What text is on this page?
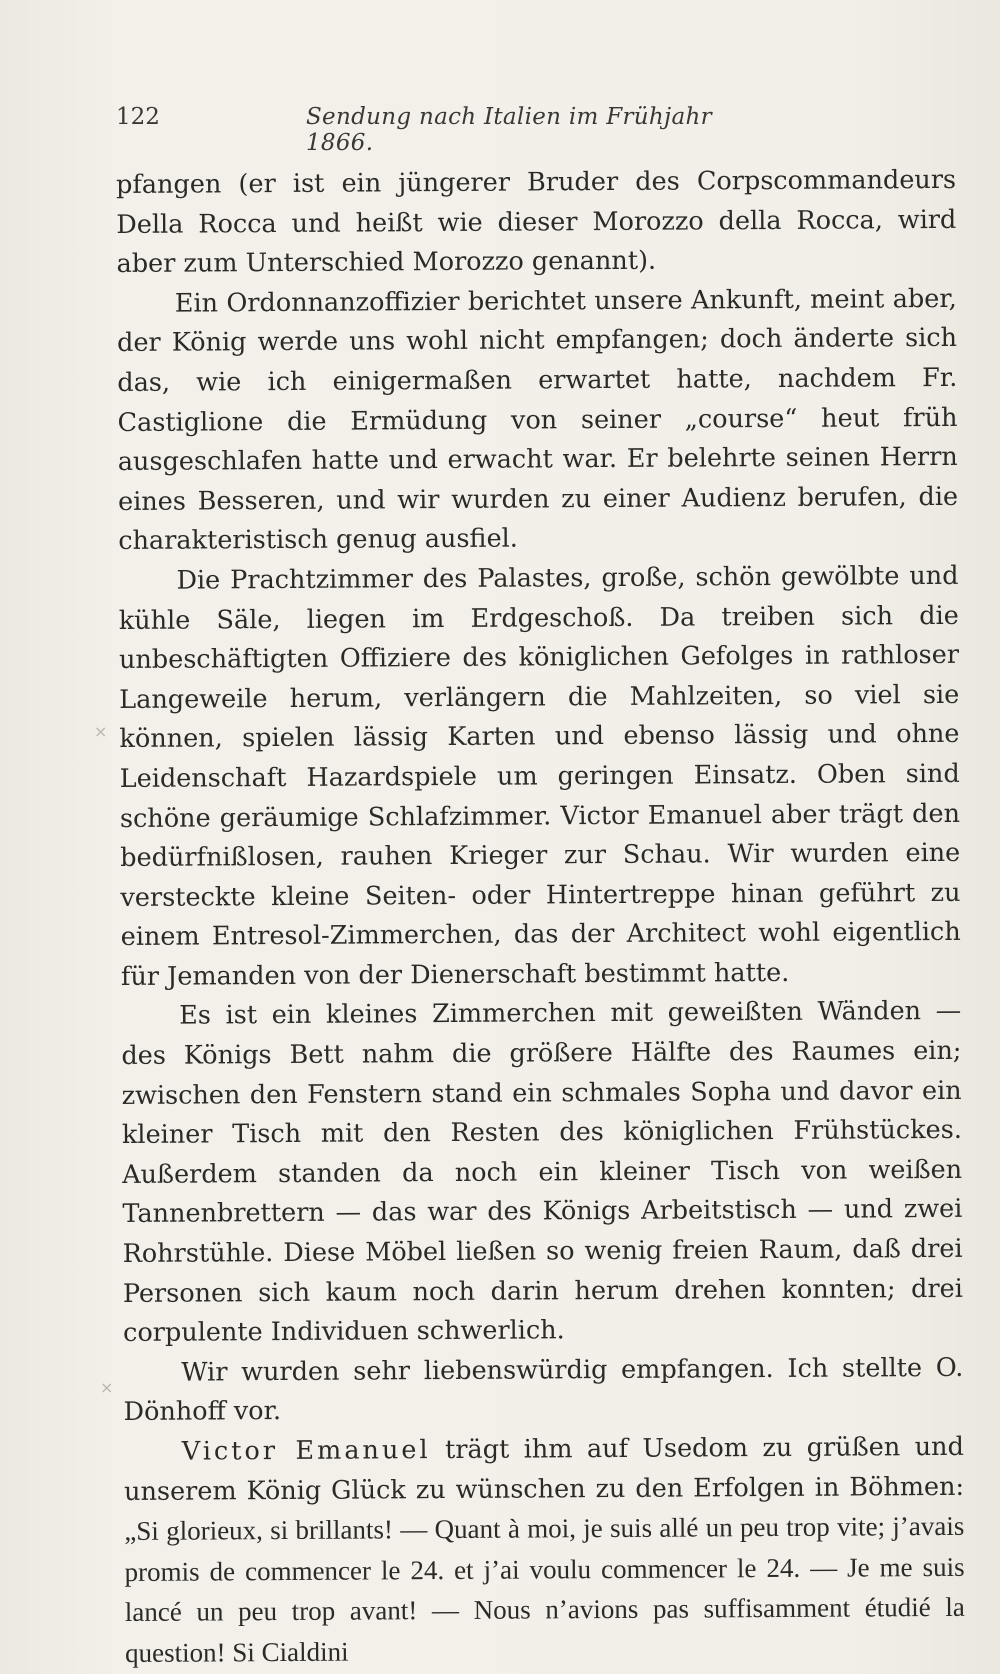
122	Sendung nach Italien im Frühjahr 1866.
×
×

pfangen (er ist ein jüngerer Bruder des Corpscommandeurs Della Rocca und heißt wie dieser Morozzo della Rocca, wird aber zum Unterschied Morozzo genannt).

Ein Ordonnanzoffizier berichtet unsere Ankunft, meint aber, der König werde uns wohl nicht empfangen; doch änderte sich das, wie ich einigermaßen erwartet hatte, nachdem Fr. Castiglione die Ermüdung von seiner „course“ heut früh ausgeschlafen hatte und erwacht war. Er belehrte seinen Herrn eines Besseren, und wir wurden zu einer Audienz berufen, die charakteristisch genug ausfiel.

Die Prachtzimmer des Palastes, große, schön gewölbte und kühle Säle, liegen im Erdgeschoß. Da treiben sich die unbeschäftigten Offiziere des königlichen Gefolges in rathloser Langeweile herum, verlängern die Mahlzeiten, so viel sie können, spielen lässig Karten und ebenso lässig und ohne Leidenschaft Hazardspiele um geringen Einsatz. Oben sind schöne geräumige Schlafzimmer. Victor Emanuel aber trägt den bedürfnißlosen, rauhen Krieger zur Schau. Wir wurden eine versteckte kleine Seiten- oder Hintertreppe hinan geführt zu einem Entresol-Zimmerchen, das der Architect wohl eigentlich für Jemanden von der Dienerschaft bestimmt hatte.

Es ist ein kleines Zimmerchen mit geweißten Wänden — des Königs Bett nahm die größere Hälfte des Raumes ein; zwischen den Fenstern stand ein schmales Sopha und davor ein kleiner Tisch mit den Resten des königlichen Frühstückes. Außerdem standen da noch ein kleiner Tisch von weißen Tannenbrettern — das war des Königs Arbeitstisch — und zwei Rohrstühle. Diese Möbel ließen so wenig freien Raum, daß drei Personen sich kaum noch darin herum drehen konnten; drei corpulente Individuen schwerlich.

Wir wurden sehr liebenswürdig empfangen. Ich stellte O. Dönhoff vor.

Victor Emanuel trägt ihm auf Usedom zu grüßen und unserem König Glück zu wünschen zu den Erfolgen in Böhmen: „Si glorieux, si brillants! — Quant à moi, je suis allé un peu trop vite; j’avais promis de commencer le 24. et j’ai voulu commencer le 24. — Je me suis lancé un peu trop avant! — Nous n’avions pas suffisamment étudié la question! Si Cialdini
